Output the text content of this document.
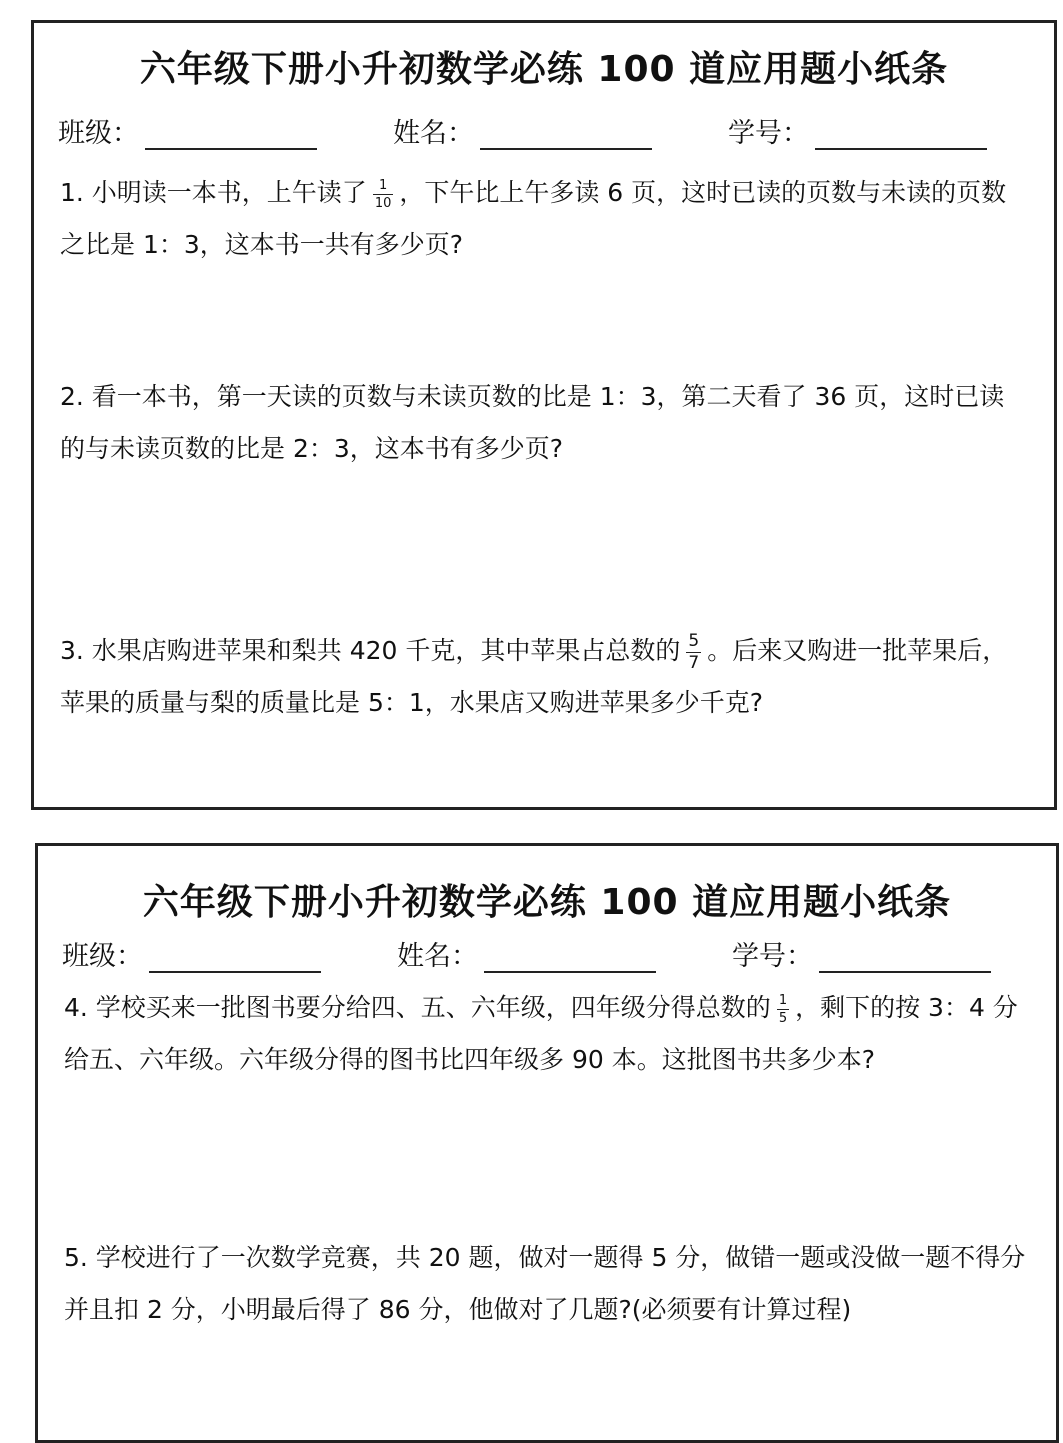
六年级下册小升初数学必练 100 道应用题小纸条
班级：	姓名：	学号：
1. 小明读一本书，上午读了 $\frac{1}{10}$ ，下午比上午多读 6 页，这时已读的页数与未读的页数之比是 1：3，这本书一共有多少页?
2. 看一本书，第一天读的页数与未读页数的比是 1：3，第二天看了 36 页，这时已读的与未读页数的比是 2：3，这本书有多少页?
3. 水果店购进苹果和梨共 420 千克，其中苹果占总数的 $\frac{5}{7}$ 。后来又购进一批苹果后，苹果的质量与梨的质量比是 5：1，水果店又购进苹果多少千克?
六年级下册小升初数学必练 100 道应用题小纸条
班级：	姓名：	学号：
4. 学校买来一批图书要分给四、五、六年级，四年级分得总数的 $\frac{1}{5}$ ，剩下的按 3：4 分给五、六年级。六年级分得的图书比四年级多 90 本。这批图书共多少本?
5. 学校进行了一次数学竞赛，共 20 题，做对一题得 5 分，做错一题或没做一题不得分并且扣 2 分，小明最后得了 86 分，他做对了几题?(必须要有计算过程)
